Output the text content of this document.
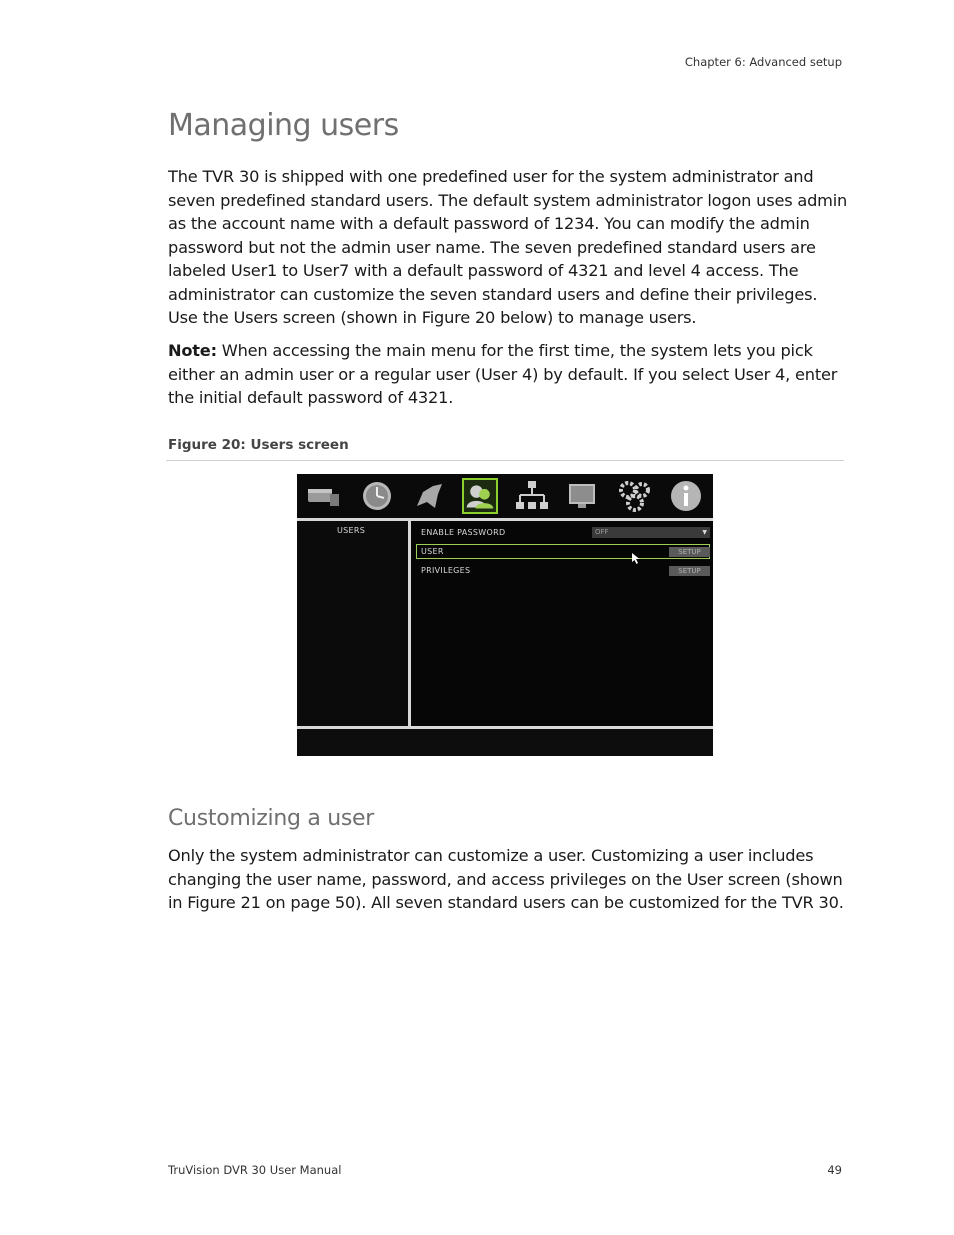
Chapter 6: Advanced setup
Managing users

The TVR 30 is shipped with one predefined user for the system administrator and seven predefined standard users. The default system administrator logon uses admin as the account name with a default password of 1234. You can modify the admin password but not the admin user name. The seven predefined standard users are labeled User1 to User7 with a default password of 4321 and level 4 access. The administrator can customize the seven standard users and define their privileges. Use the Users screen (shown in Figure 20 below) to manage users.

Note: When accessing the main menu for the first time, the system lets you pick either an admin user or a regular user (User 4) by default. If you select User 4, enter the initial default password of 4321.

Figure 20: Users screen
USERS	ENABLE PASSWORD	OFF	▼
USER	SETUP
PRIVILEGES	SETUP
Customizing a user

Only the system administrator can customize a user. Customizing a user includes changing the user name, password, and access privileges on the User screen (shown in Figure 21 on page 50). All seven standard users can be customized for the TVR 30.

TruVision DVR 30 User Manual	49
